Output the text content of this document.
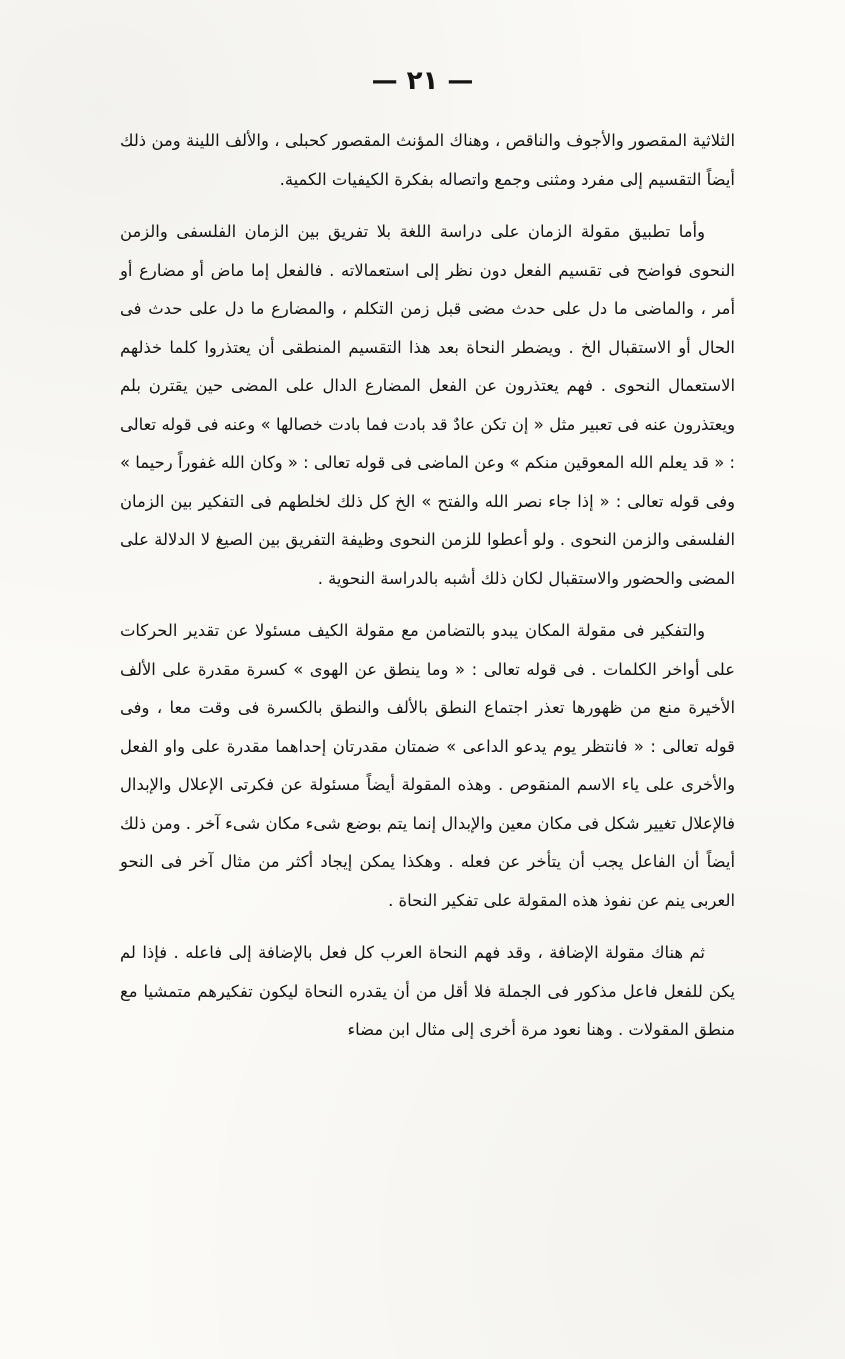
— ٢١ —

الثلاثية المقصور والأجوف والناقص ، وهناك المؤنث المقصور كحبلى ، والألف اللينة ومن ذلك أيضاً التقسيم إلى مفرد ومثنى وجمع واتصاله بفكرة الكيفيات الكمية.

وأما تطبيق مقولة الزمان على دراسة اللغة بلا تفريق بين الزمان الفلسفى والزمن النحوى فواضح فى تقسيم الفعل دون نظر إلى استعمالاته . فالفعل إما ماض أو مضارع أو أمر ، والماضى ما دل على حدث مضى قبل زمن التكلم ، والمضارع ما دل على حدث فى الحال أو الاستقبال الخ . ويضطر النحاة بعد هذا التقسيم المنطقى أن يعتذروا كلما خذلهم الاستعمال النحوى . فهم يعتذرون عن الفعل المضارع الدال على المضى حين يقترن بلم ويعتذرون عنه فى تعبير مثل « إن تكن عادٌ قد بادت فما بادت خصالها » وعنه فى قوله تعالى : « قد يعلم الله المعوقين منكم » وعن الماضى فى قوله تعالى : « وكان الله غفوراً رحيما » وفى قوله تعالى : « إذا جاء نصر الله والفتح » الخ كل ذلك لخلطهم فى التفكير بين الزمان الفلسفى والزمن النحوى . ولو أعطوا للزمن النحوى وظيفة التفريق بين الصيغ لا الدلالة على المضى والحضور والاستقبال لكان ذلك أشبه بالدراسة النحوية .

والتفكير فى مقولة المكان يبدو بالتضامن مع مقولة الكيف مسئولا عن تقدير الحركات على أواخر الكلمات . فى قوله تعالى : « وما ينطق عن الهوى » كسرة مقدرة على الألف الأخيرة منع من ظهورها تعذر اجتماع النطق بالألف والنطق بالكسرة فى وقت معا ، وفى قوله تعالى : « فانتظر يوم يدعو الداعى » ضمتان مقدرتان إحداهما مقدرة على واو الفعل والأخرى على ياء الاسم المنقوص . وهذه المقولة أيضاً مسئولة عن فكرتى الإعلال والإبدال فالإعلال تغيير شكل فى مكان معين والإبدال إنما يتم بوضع شىء مكان شىء آخر . ومن ذلك أيضاً أن الفاعل يجب أن يتأخر عن فعله . وهكذا يمكن إيجاد أكثر من مثال آخر فى النحو العربى ينم عن نفوذ هذه المقولة على تفكير النحاة .

ثم هناك مقولة الإضافة ، وقد فهم النحاة العرب كل فعل بالإضافة إلى فاعله . فإذا لم يكن للفعل فاعل مذكور فى الجملة فلا أقل من أن يقدره النحاة ليكون تفكيرهم متمشيا مع منطق المقولات . وهنا نعود مرة أخرى إلى مثال ابن مضاء
